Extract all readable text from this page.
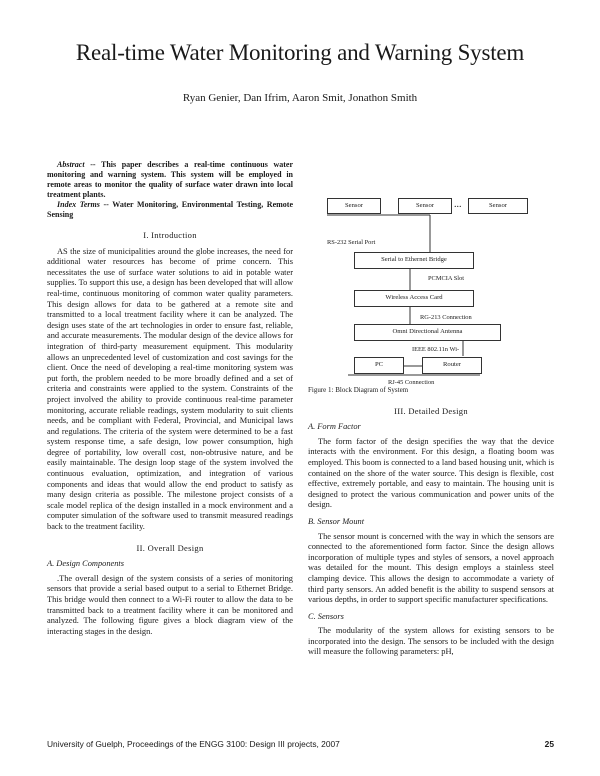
Real-time Water Monitoring and Warning System
Ryan Genier, Dan Ifrim, Aaron Smit, Jonathon Smith

Abstract -- This paper describes a real-time continuous water monitoring and warning system. This system will be employed in remote areas to monitor the quality of surface water drawn into local treatment plants.

Index Terms -- Water Monitoring, Environmental Testing, Remote Sensing

I. Introduction

AS the size of municipalities around the globe increases, the need for additional water resources has become of prime concern. This necessitates the use of surface water solutions to aid in potable water supplies. To support this use, a design has been developed that will allow real-time, continuous monitoring of common water quality parameters. This design allows for data to be gathered at a remote site and transmitted to a local treatment facility where it can be analyzed. The design uses state of the art technologies in order to ensure fast, reliable, and accurate measurements. The modular design of the device allows for integration of third-party measurement equipment. This modularity allows an unprecedented level of customization and cost savings for the client. Once the need of developing a real-time monitoring system was put forth, the problem needed to be more broadly defined and a set of criteria and constraints were applied to the system. Constraints of the project involved the ability to provide continuous real-time parameter monitoring, accurate reliable readings, system modularity to suit clients needs, and be compliant with Federal, Provincial, and Municipal laws and regulations. The criteria of the system were determined to be a fast system response time, a safe design, low power consumption, high degree of portability, low overall cost, non-obtrusive nature, and be easily maintainable. The design loop stage of the system involved the continuous evaluation, optimization, and integration of various components and ideas that would allow the end product to satisfy as many design criteria as possible. The milestone project consists of a scale model replica of the design installed in a mock environment and a computer simulation of the software used to transmit measured readings back to the treatment facility.

II. Overall Design

A. Design Components

.The overall design of the system consists of a series of monitoring sensors that provide a serial based output to a serial to Ethernet Bridge. This bridge would then connect to a Wi-Fi router to allow the data to be transmitted back to a treatment facility where it can be monitored and analyzed. The following figure gives a block diagram view of the interacting stages in the design.

Sensor	Sensor	...	Sensor
RS-232 Serial Port
Serial to Ethernet Bridge
PCMCIA Slot
Wireless Access Card
RG-213 Connection
Omni Directional Antenna
IEEE 802.11n Wi-
PC	Router
RJ-45 Connection

Figure 1: Block Diagram of System

III. Detailed Design

A. Form Factor

The form factor of the design specifies the way that the device interacts with the environment. For this design, a floating boom was employed. This boom is connected to a land based housing unit, which is contained on the shore of the water source. This design is flexible, cost effective, extremely portable, and easy to maintain. The housing unit is designed to protect the various communication and power units of the design.

B. Sensor Mount

The sensor mount is concerned with the way in which the sensors are connected to the aforementioned form factor. Since the design allows incorporation of multiple types and styles of sensors, a novel approach was detailed for the mount. This design employs a stainless steel clamping device. This allows the design to accommodate a variety of third party sensors. An added benefit is the ability to suspend sensors at various depths, in order to support specific manufacturer specifications.

C. Sensors

The modularity of the system allows for existing sensors to be incorporated into the design. The sensors to be included with the design will measure the following parameters: pH,

University of Guelph, Proceedings of the ENGG 3100: Design III projects, 2007	25
